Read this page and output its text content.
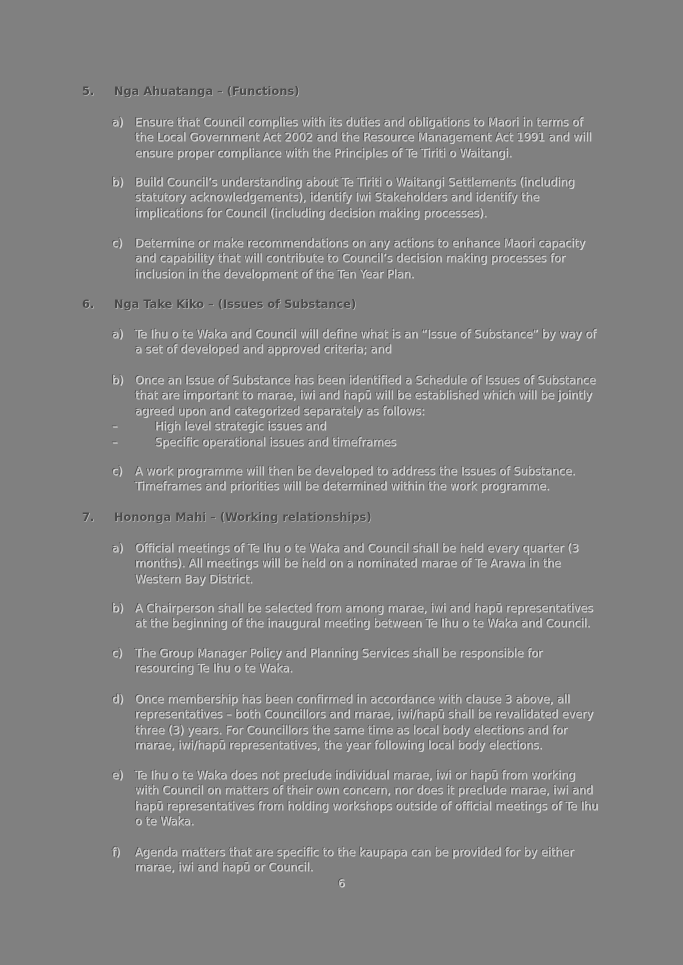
5. Nga Ahuatanga – (Functions)
a)	Ensure that Council complies with its duties and obligations to Maori in terms of the Local Government Act 2002 and the Resource Management Act 1991 and will ensure proper compliance with the Principles of Te Tiriti o Waitangi.
b)	Build Council’s understanding about Te Tiriti o Waitangi Settlements (including statutory acknowledgements), identify Iwi Stakeholders and identify the implications for Council (including decision making processes).
c)	Determine or make recommendations on any actions to enhance Maori capacity and capability that will contribute to Council’s decision making processes for inclusion in the development of the Ten Year Plan.
6. Nga Take Kiko – (Issues of Substance)
a)	Te Ihu o te Waka and Council will define what is an “Issue of Substance” by way of a set of developed and approved criteria; and
b)	Once an Issue of Substance has been identified a Schedule of Issues of Substance that are important to marae, iwi and hapū will be established which will be jointly agreed upon and categorized separately as follows:
–	High level strategic issues and
–	Specific operational issues and timeframes
c)	A work programme will then be developed to address the Issues of Substance. Timeframes and priorities will be determined within the work programme.
7. Hononga Mahi – (Working relationships)
a)	Official meetings of Te Ihu o te Waka and Council shall be held every quarter (3 months). All meetings will be held on a nominated marae of Te Arawa in the Western Bay District.
b)	A Chairperson shall be selected from among marae, iwi and hapū representatives at the beginning of the inaugural meeting between Te Ihu o te Waka and Council.
c)	The Group Manager Policy and Planning Services shall be responsible for resourcing Te Ihu o te Waka.
d)	Once membership has been confirmed in accordance with clause 3 above, all representatives – both Councillors and marae, iwi/hapū shall be revalidated every three (3) years. For Councillors the same time as local body elections and for marae, iwi/hapū representatives, the year following local body elections.
e)	Te Ihu o te Waka does not preclude individual marae, iwi or hapū from working with Council on matters of their own concern, nor does it preclude marae, iwi and hapū representatives from holding workshops outside of official meetings of Te Ihu o te Waka.
f)	Agenda matters that are specific to the kaupapa can be provided for by either marae, iwi and hapū or Council.
6
